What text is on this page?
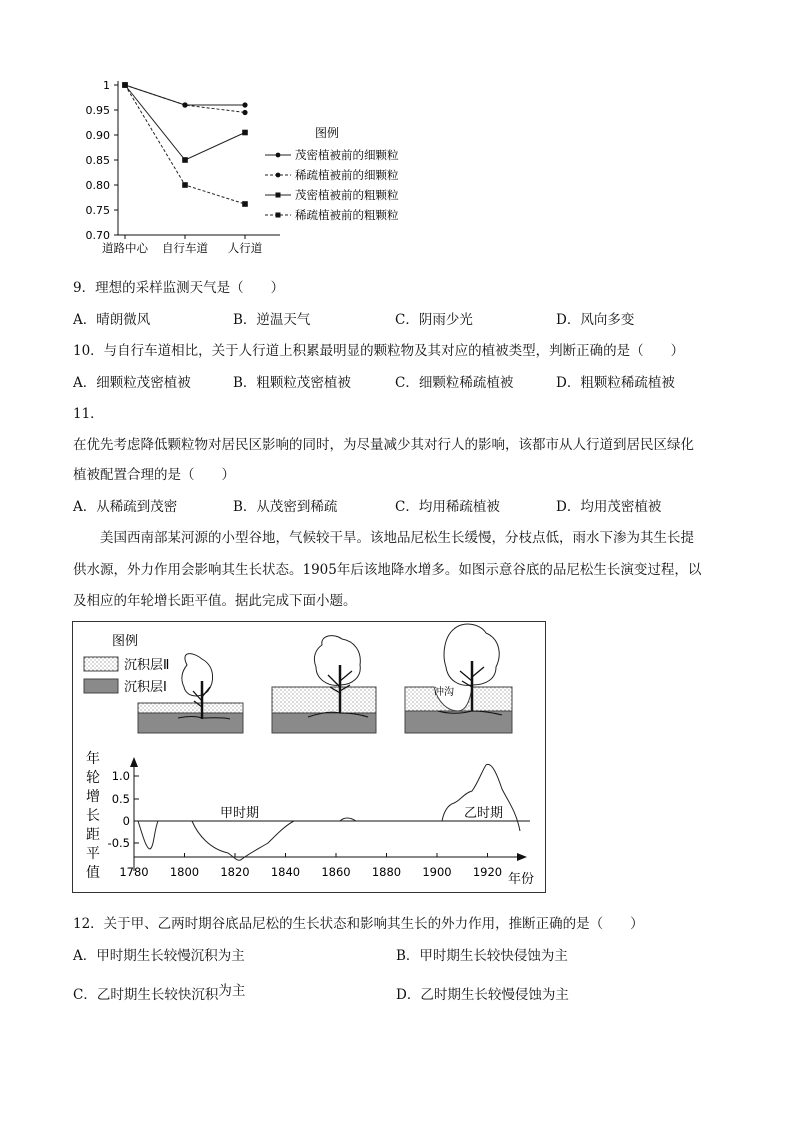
1
0.95
0.90
0.85
0.80
0.75
0.70
道路中心 自行车道 人行道
图例
茂密植被前的细颗粒
稀疏植被前的细颗粒
茂密植被前的粗颗粒
稀疏植被前的粗颗粒
9．理想的采样监测天气是（　　）
A．晴朗微风	B．逆温天气	C．阴雨少光	D．风向多变
10．与自行车道相比，关于人行道上积累最明显的颗粒物及其对应的植被类型，判断正确的是（　　）
A．细颗粒茂密植被	B．粗颗粒茂密植被	C．细颗粒稀疏植被	D．粗颗粒稀疏植被
11．
在优先考虑降低颗粒物对居民区影响的同时，为尽量减少其对行人的影响，该都市从人行道到居民区绿化
植被配置合理的是（　　）
A．从稀疏到茂密	B．从茂密到稀疏	C．均用稀疏植被	D．均用茂密植被
美国西南部某河源的小型谷地，气候较干旱。该地品尼松生长缓慢，分枝点低，雨水下渗为其生长提
供水源，外力作用会影响其生长状态。1905年后该地降水增多。如图示意谷底的品尼松生长演变过程，以
及相应的年轮增长距平值。据此完成下面小题。
图例
沉积层Ⅱ
沉积层Ⅰ	冲沟
年
轮
增
长
距
平
值
1.0
0.5
0
-0.5
1780 1800 1820 1840 1860 1880 1900 1920
甲时期	乙时期
年份
12．关于甲、乙两时期谷底品尼松的生长状态和影响其生长的外力作用，推断正确的是（　　）
A．甲时期生长较慢沉积为主	B．甲时期生长较快侵蚀为主
C．乙时期生长较快沉积为主	D．乙时期生长较慢侵蚀为主
